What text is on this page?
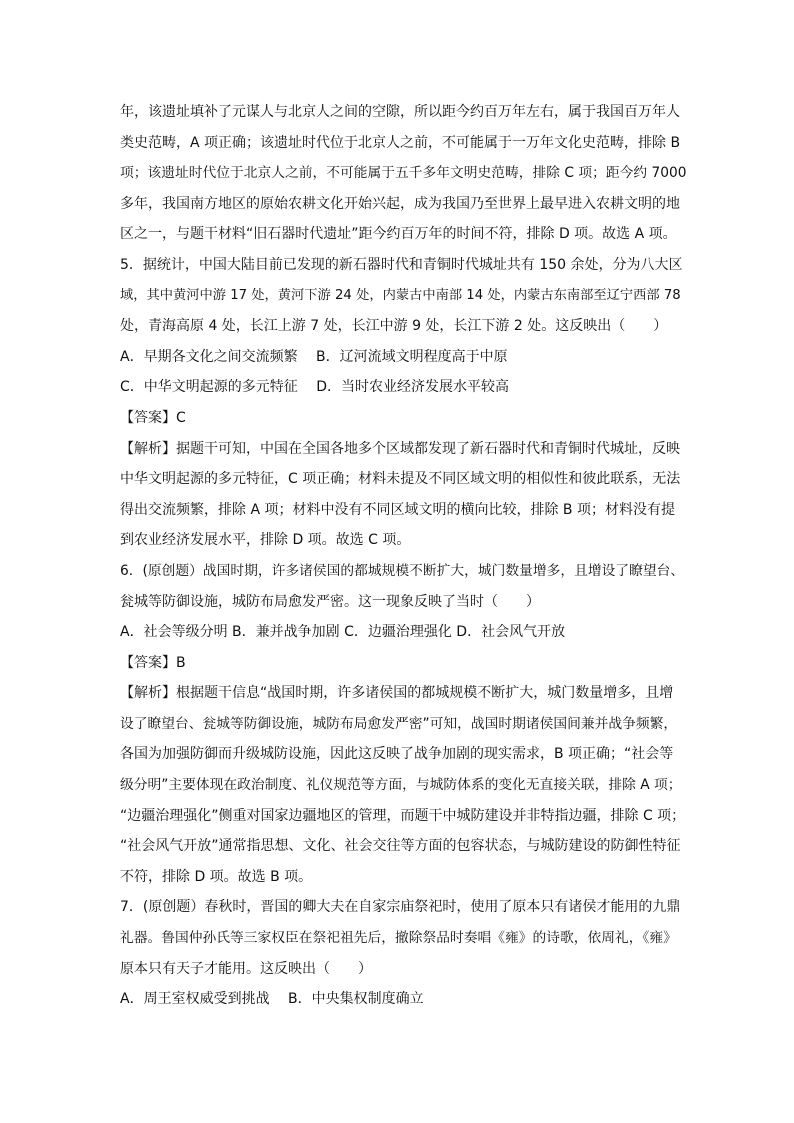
年，该遗址填补了元谋人与北京人之间的空隙，所以距今约百万年左右，属于我国百万年人
类史范畴，A 项正确；该遗址时代位于北京人之前，不可能属于一万年文化史范畴，排除 B
项；该遗址时代位于北京人之前，不可能属于五千多年文明史范畴，排除 C 项；距今约 7000
多年，我国南方地区的原始农耕文化开始兴起，成为我国乃至世界上最早进入农耕文明的地
区之一，与题干材料“旧石器时代遗址”距今约百万年的时间不符，排除 D 项。故选 A 项。
5．据统计，中国大陆目前已发现的新石器时代和青铜时代城址共有 150 余处，分为八大区
域，其中黄河中游 17 处，黄河下游 24 处，内蒙古中南部 14 处，内蒙古东南部至辽宁西部 78
处，青海高原 4 处，长江上游 7 处，长江中游 9 处，长江下游 2 处。这反映出（　　）
A．早期各文化之间交流频繁　 B．辽河流域文明程度高于中原
C．中华文明起源的多元特征　 D．当时农业经济发展水平较高
【答案】C
【解析】据题干可知，中国在全国各地多个区域都发现了新石器时代和青铜时代城址，反映
中华文明起源的多元特征，C 项正确；材料未提及不同区域文明的相似性和彼此联系，无法
得出交流频繁，排除 A 项；材料中没有不同区域文明的横向比较，排除 B 项；材料没有提
到农业经济发展水平，排除 D 项。故选 C 项。
6．(原创题）战国时期，许多诸侯国的都城规模不断扩大，城门数量增多，且增设了瞭望台、
瓮城等防御设施，城防布局愈发严密。这一现象反映了当时（　　）
A．社会等级分明 B．兼并战争加剧 C．边疆治理强化 D．社会风气开放
【答案】B
【解析】根据题干信息“战国时期，许多诸侯国的都城规模不断扩大，城门数量增多，且增
设了瞭望台、瓮城等防御设施，城防布局愈发严密”可知，战国时期诸侯国间兼并战争频繁，
各国为加强防御而升级城防设施，因此这反映了战争加剧的现实需求，B 项正确；“社会等
级分明”主要体现在政治制度、礼仪规范等方面，与城防体系的变化无直接关联，排除 A 项；
“边疆治理强化”侧重对国家边疆地区的管理，而题干中城防建设并非特指边疆，排除 C 项；
“社会风气开放”通常指思想、文化、社会交往等方面的包容状态，与城防建设的防御性特征
不符，排除 D 项。故选 B 项。
7．(原创题）春秋时，晋国的卿大夫在自家宗庙祭祀时，使用了原本只有诸侯才能用的九鼎
礼器。鲁国仲孙氏等三家权臣在祭祀祖先后，撤除祭品时奏唱《雍》的诗歌，依周礼，《雍》
原本只有天子才能用。这反映出（　　）
A．周王室权威受到挑战　 B．中央集权制度确立
